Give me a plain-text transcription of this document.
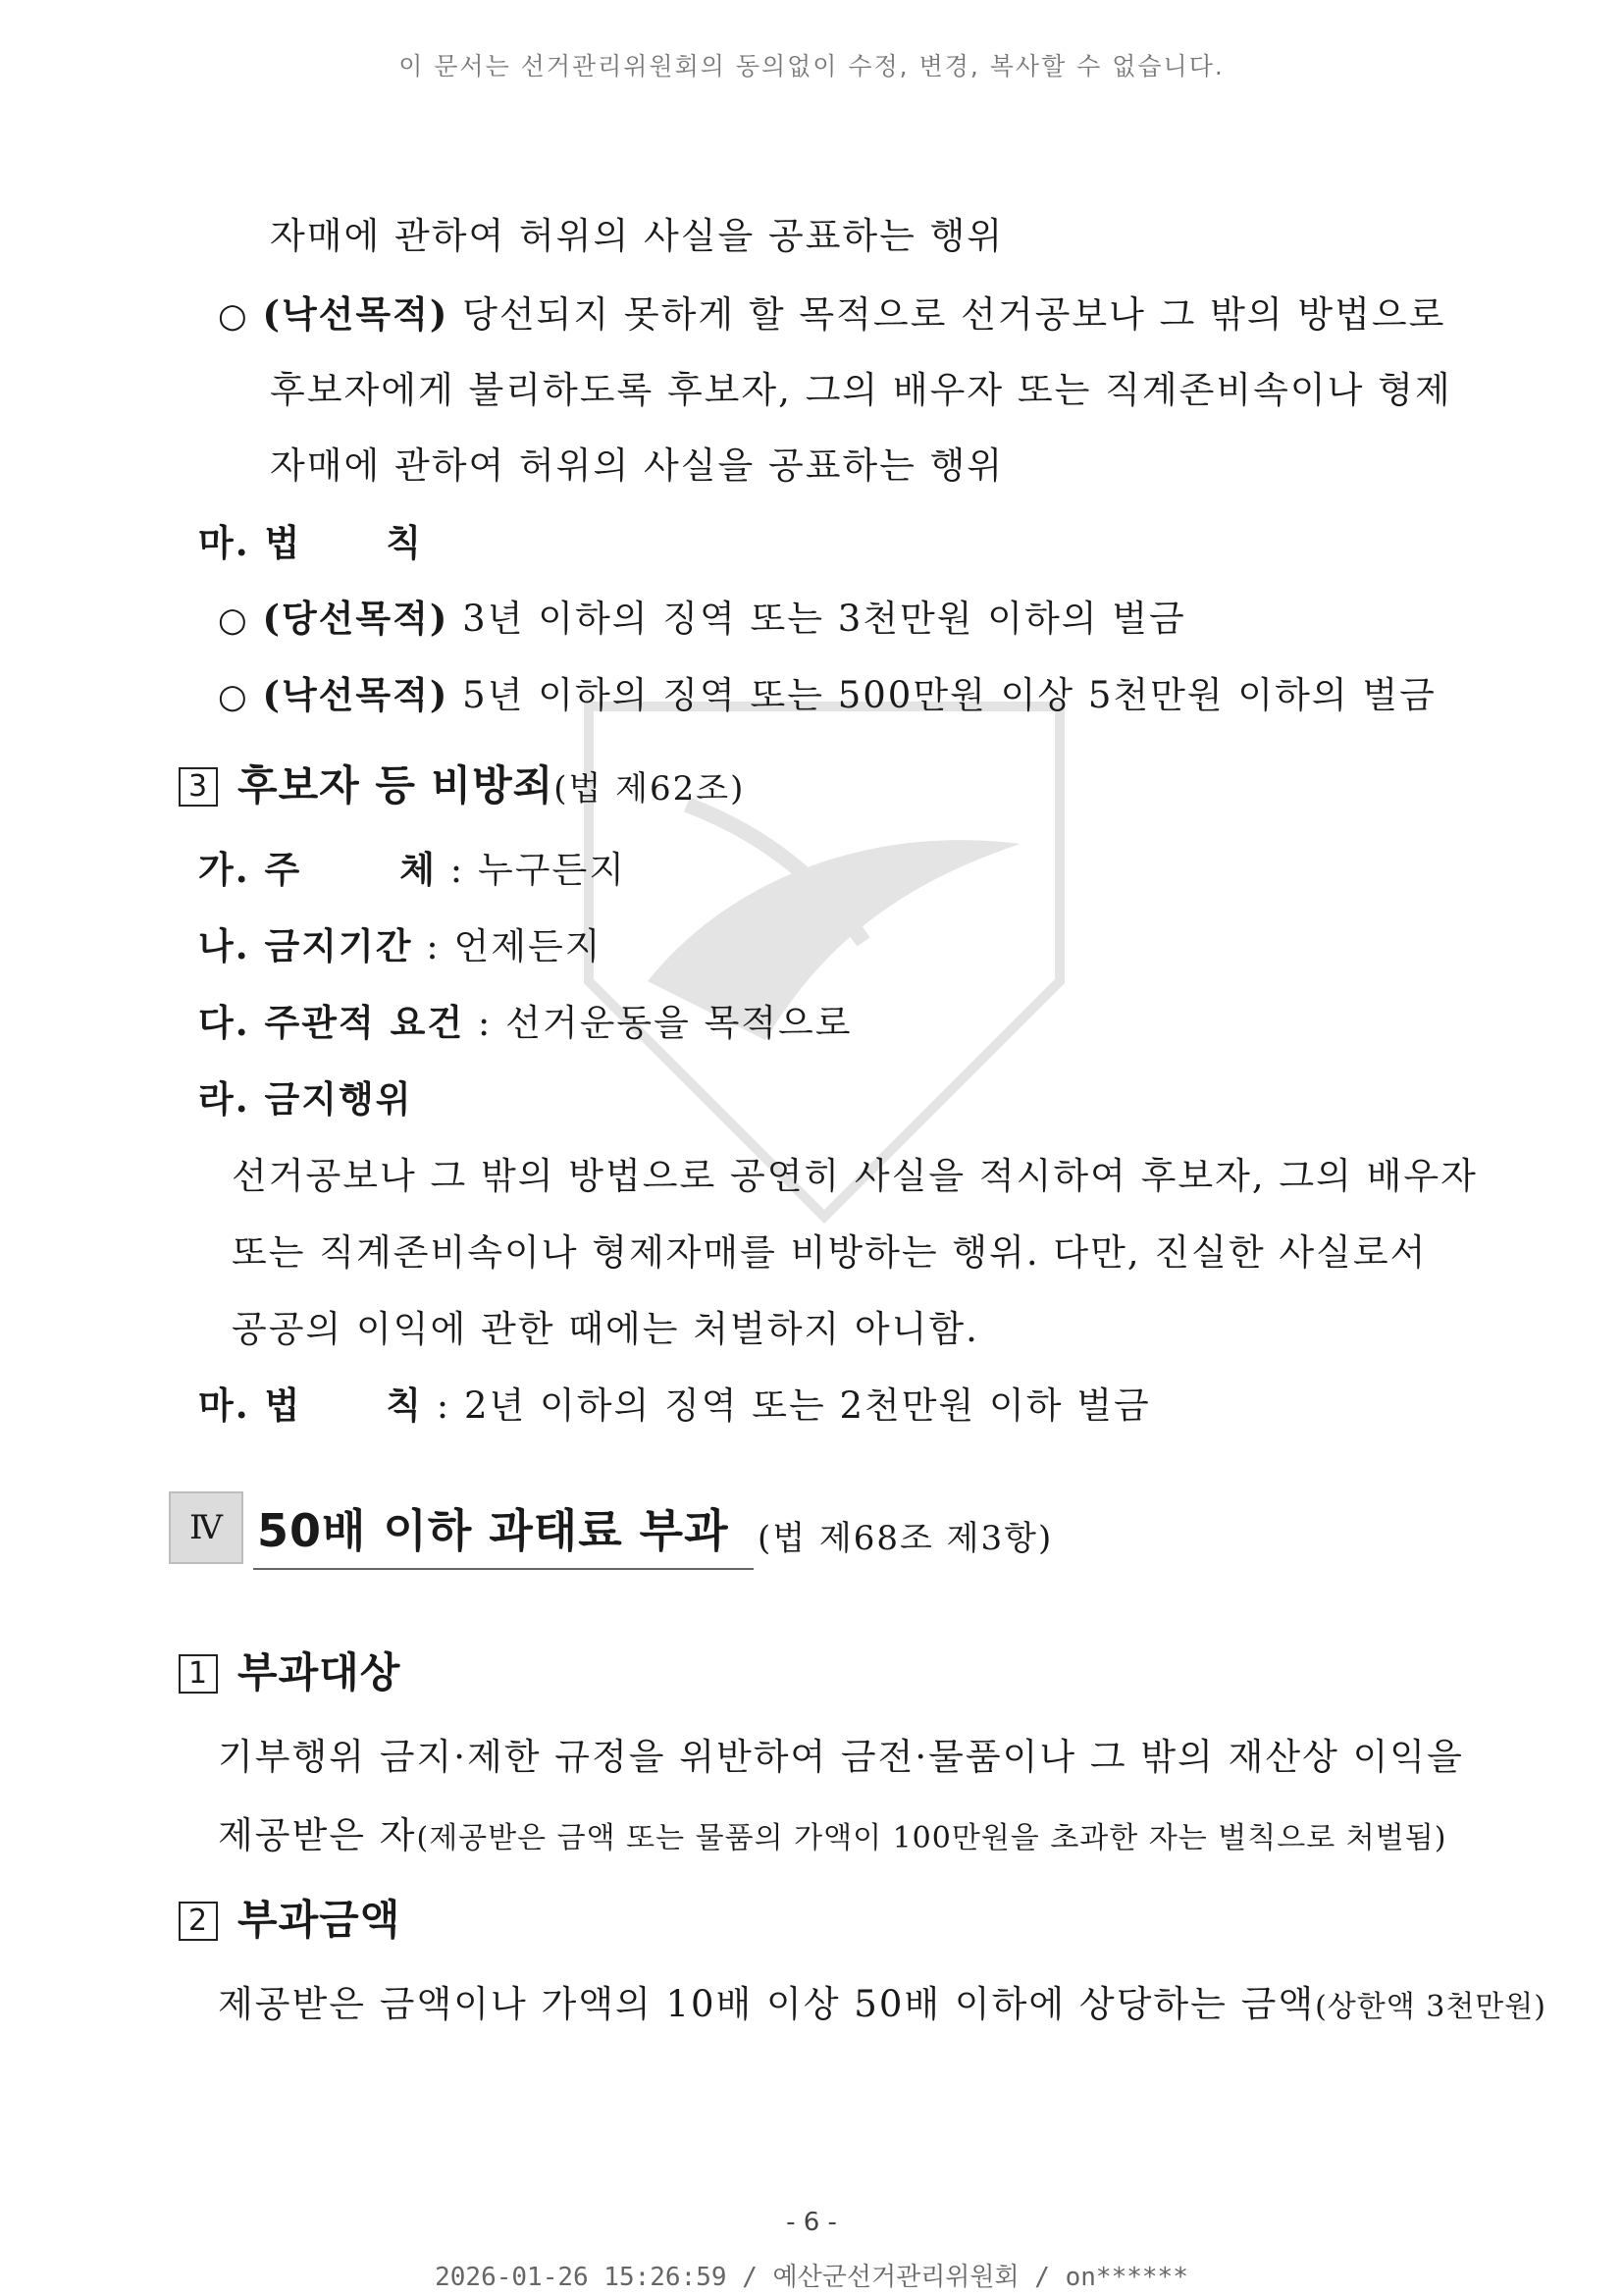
이 문서는 선거관리위원회의 동의없이 수정, 변경, 복사할 수 없습니다.
자매에 관하여 허위의 사실을 공표하는 행위
○ (낙선목적) 당선되지 못하게 할 목적으로 선거공보나 그 밖의 방법으로
후보자에게 불리하도록 후보자, 그의 배우자 또는 직계존비속이나 형제
자매에 관하여 허위의 사실을 공표하는 행위
마. 법 칙
○ (당선목적) 3년 이하의 징역 또는 3천만원 이하의 벌금
○ (낙선목적) 5년 이하의 징역 또는 500만원 이상 5천만원 이하의 벌금
3 후보자 등 비방죄(법 제62조)
가. 주	체 : 누구든지
나. 금지기간 : 언제든지
다. 주관적 요건 : 선거운동을 목적으로
라. 금지행위
선거공보나 그 밖의 방법으로 공연히 사실을 적시하여 후보자, 그의 배우자
또는 직계존비속이나 형제자매를 비방하는 행위. 다만, 진실한 사실로서
공공의 이익에 관한 때에는 처벌하지 아니함.
마. 법 칙 : 2년 이하의 징역 또는 2천만원 이하 벌금
Ⅳ 50배 이하 과태료 부과 (법 제68조 제3항)
1 부과대상
기부행위 금지·제한 규정을 위반하여 금전·물품이나 그 밖의 재산상 이익을
제공받은 자(제공받은 금액 또는 물품의 가액이 100만원을 초과한 자는 벌칙으로 처벌됨)
2 부과금액
제공받은 금액이나 가액의 10배 이상 50배 이하에 상당하는 금액(상한액 3천만원)
- 6 -
2026-01-26 15:26:59 / 예산군선거관리위원회 / on******
